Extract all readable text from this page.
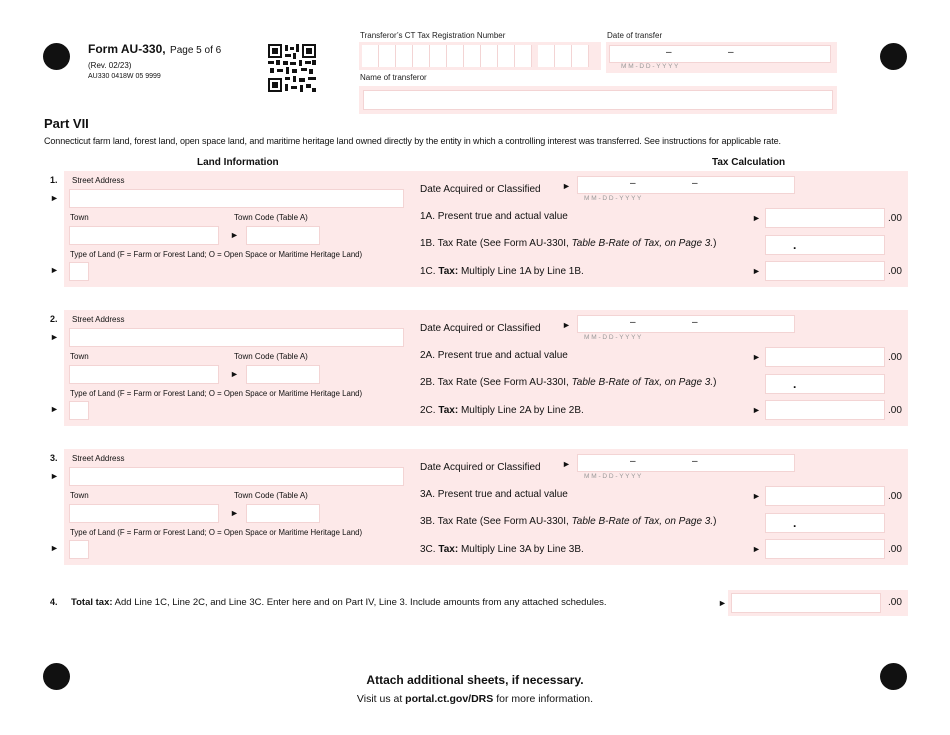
Form AU-330, Page 5 of 6
(Rev. 02/23)
AU330 0418W 05 9999
Transferor’s CT Tax Registration Number	Date of transfer
–	–
M M - D D - Y Y Y Y
Name of transferor
Part VII
Connecticut farm land, forest land, open space land, and maritime heritage land owned directly by the entity in which a controlling interest was transferred. See instructions for applicable rate.
Land Information	Tax Calculation
1.
►
►
Street Address
Town	Town Code (Table A)
►
Type of Land (F = Farm or Forest Land; O = Open Space or Maritime Heritage Land)
Date Acquired or Classified ►	–	–
M M - D D - Y Y Y Y
1A. Present true and actual value	►	.00
1B. Tax Rate (See Form AU-330I, Table B-Rate of Tax, on Page 3.)	.
1C. Tax: Multiply Line 1A by Line 1B.	►	.00
2.
►
►
Street Address
Town	Town Code (Table A)
►
Type of Land (F = Farm or Forest Land; O = Open Space or Maritime Heritage Land)
Date Acquired or Classified ►	–	–
M M - D D - Y Y Y Y
2A. Present true and actual value	►	.00
2B. Tax Rate (See Form AU-330I, Table B-Rate of Tax, on Page 3.)	.
2C. Tax: Multiply Line 2A by Line 2B.	►	.00
3.
►
►
Street Address
Town	Town Code (Table A)
►
Type of Land (F = Farm or Forest Land; O = Open Space or Maritime Heritage Land)
Date Acquired or Classified ►	–	–
M M - D D - Y Y Y Y
3A. Present true and actual value	►	.00
3B. Tax Rate (See Form AU-330I, Table B-Rate of Tax, on Page 3.)	.
3C. Tax: Multiply Line 3A by Line 3B.	►	.00
4. Total tax: Add Line 1C, Line 2C, and Line 3C. Enter here and on Part IV, Line 3. Include amounts from any attached schedules.	►	.00
Attach additional sheets, if necessary.
Visit us at portal.ct.gov/DRS for more information.
